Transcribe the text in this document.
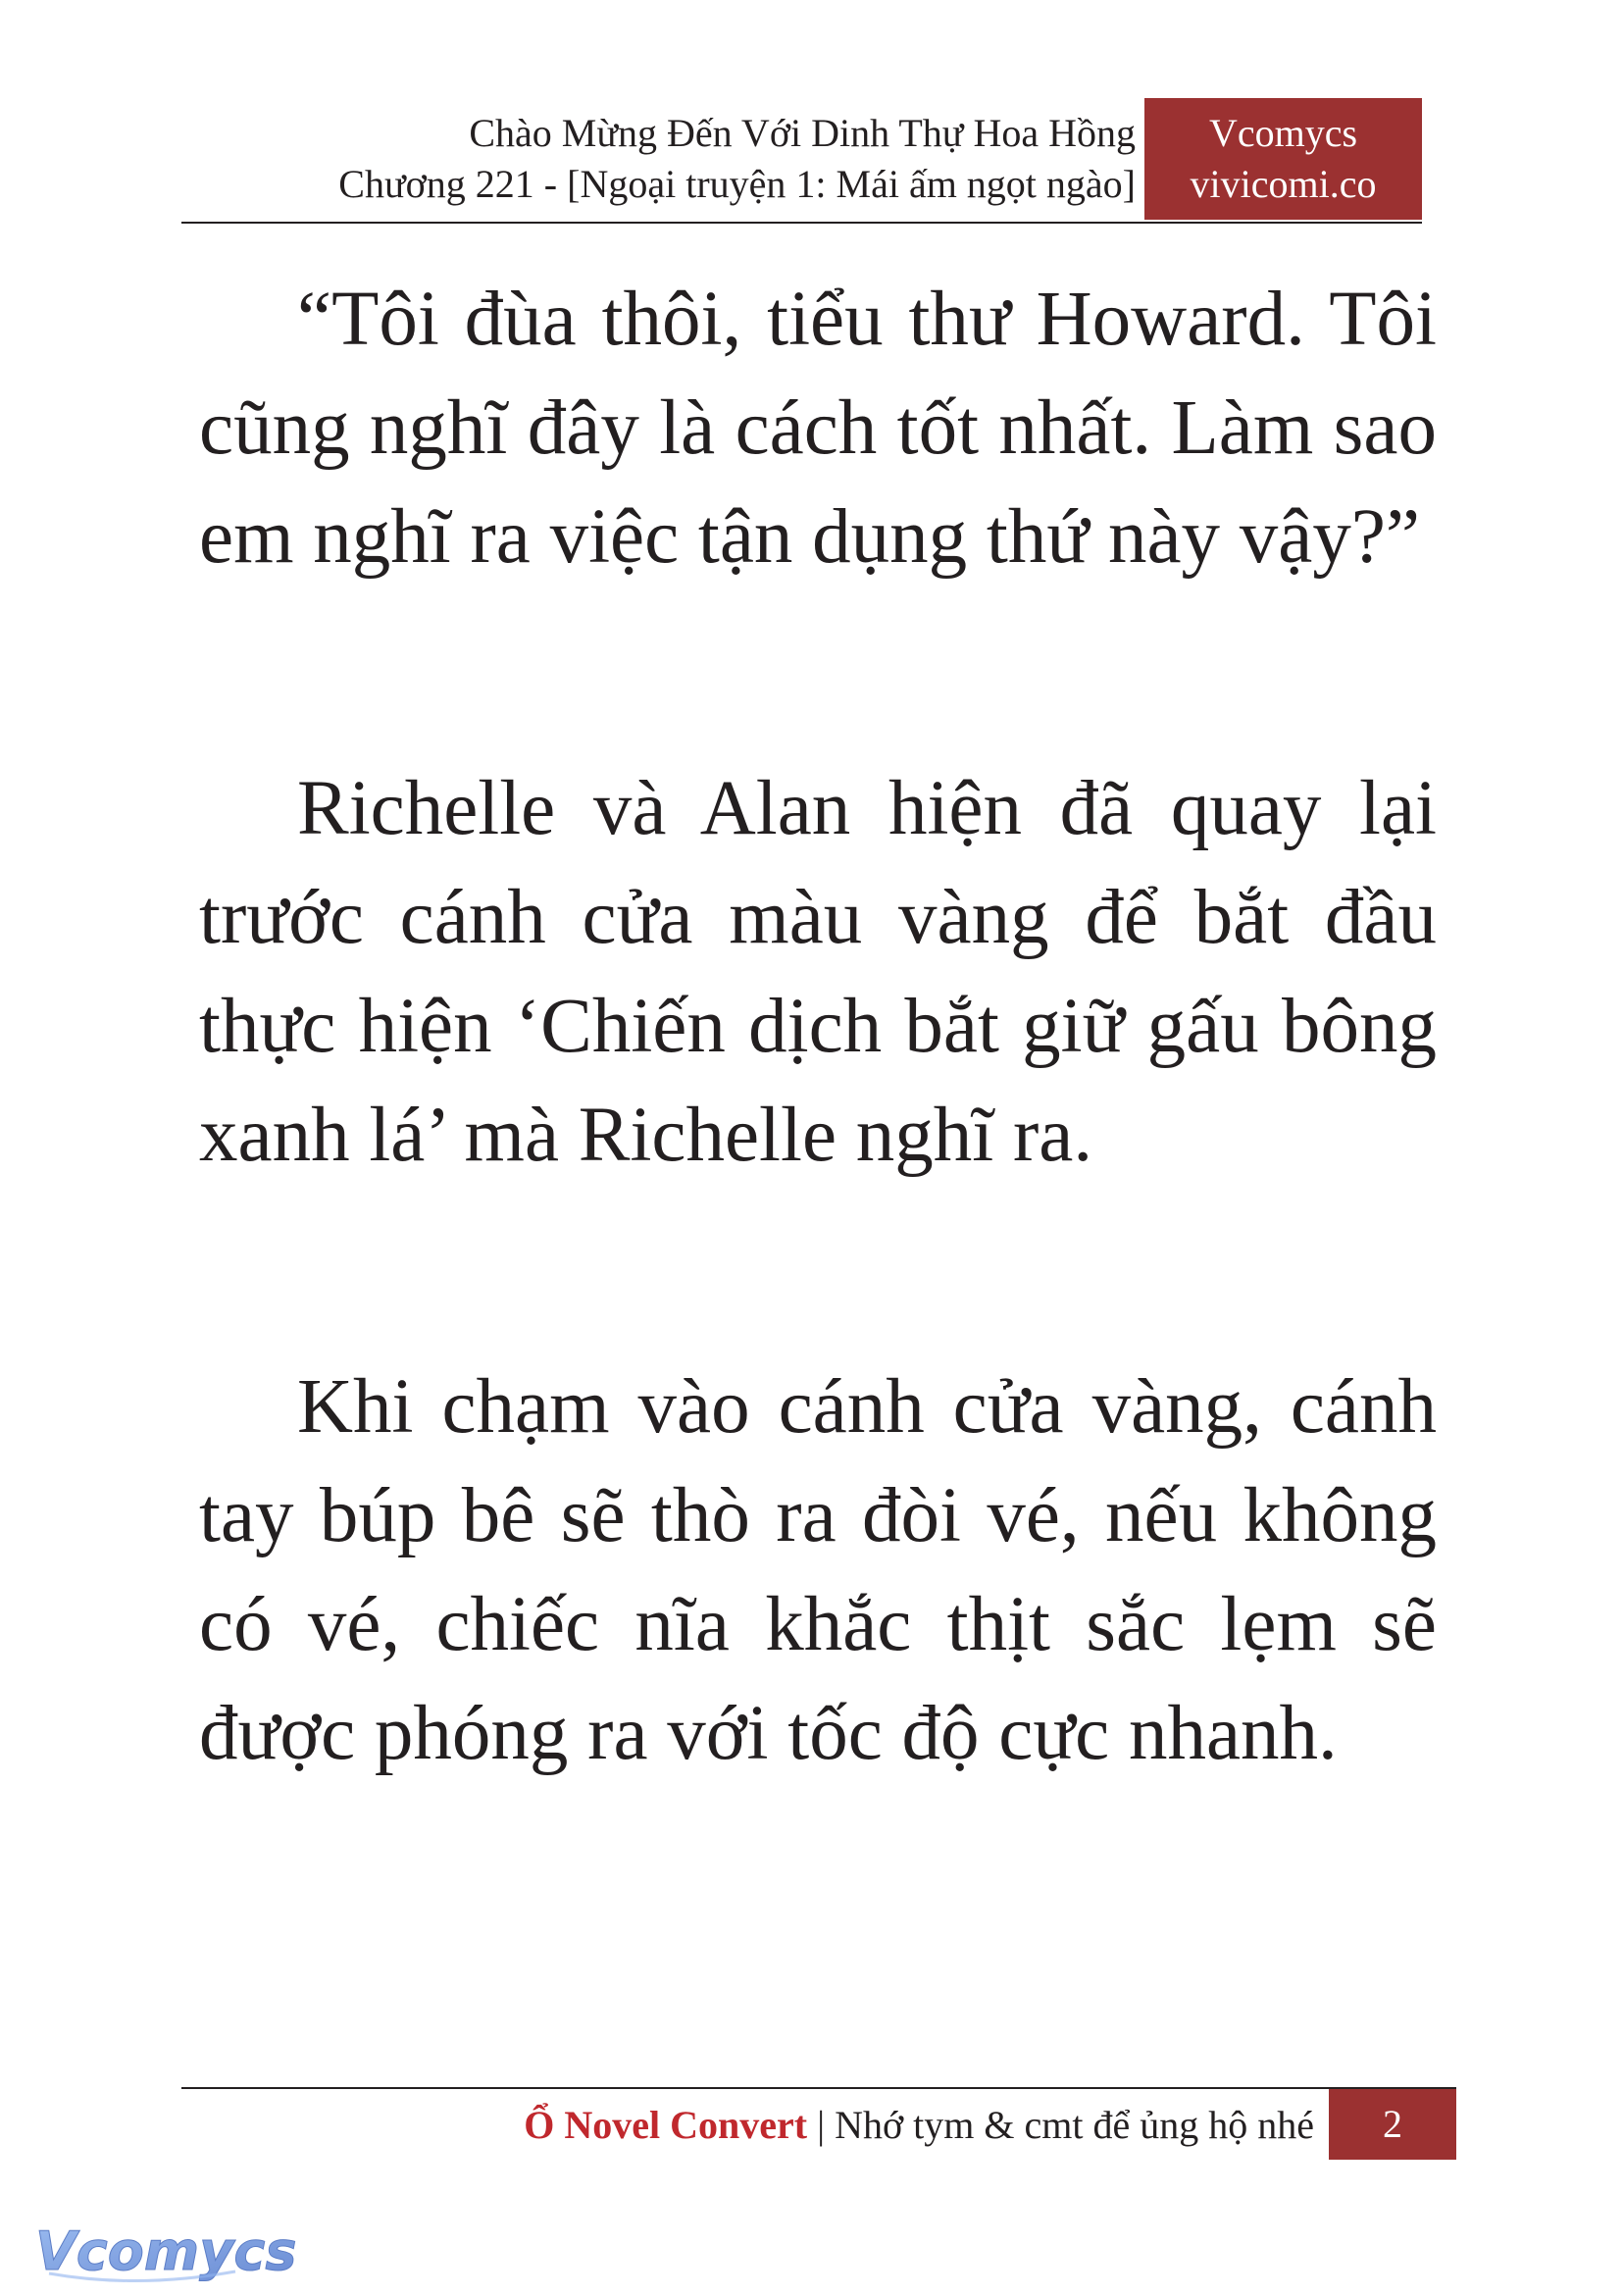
Chào Mừng Đến Với Dinh Thự Hoa Hồng
Chương 221 - [Ngoại truyện 1: Mái ấm ngọt ngào]
Vcomycs
vivicomi.co

“Tôi đùa thôi, tiểu thư Howard. Tôi cũng nghĩ đây là cách tốt nhất. Làm sao em nghĩ ra việc tận dụng thứ này vậy?”

Richelle và Alan hiện đã quay lại trước cánh cửa màu vàng để bắt đầu thực hiện ‘Chiến dịch bắt giữ gấu bông xanh lá’ mà Richelle nghĩ ra.

Khi chạm vào cánh cửa vàng, cánh tay búp bê sẽ thò ra đòi vé, nếu không có vé, chiếc nĩa khắc thịt sắc lẹm sẽ được phóng ra với tốc độ cực nhanh.

Ổ Novel Convert | Nhớ tym & cmt để ủng hộ nhé	2
Vcomycs
